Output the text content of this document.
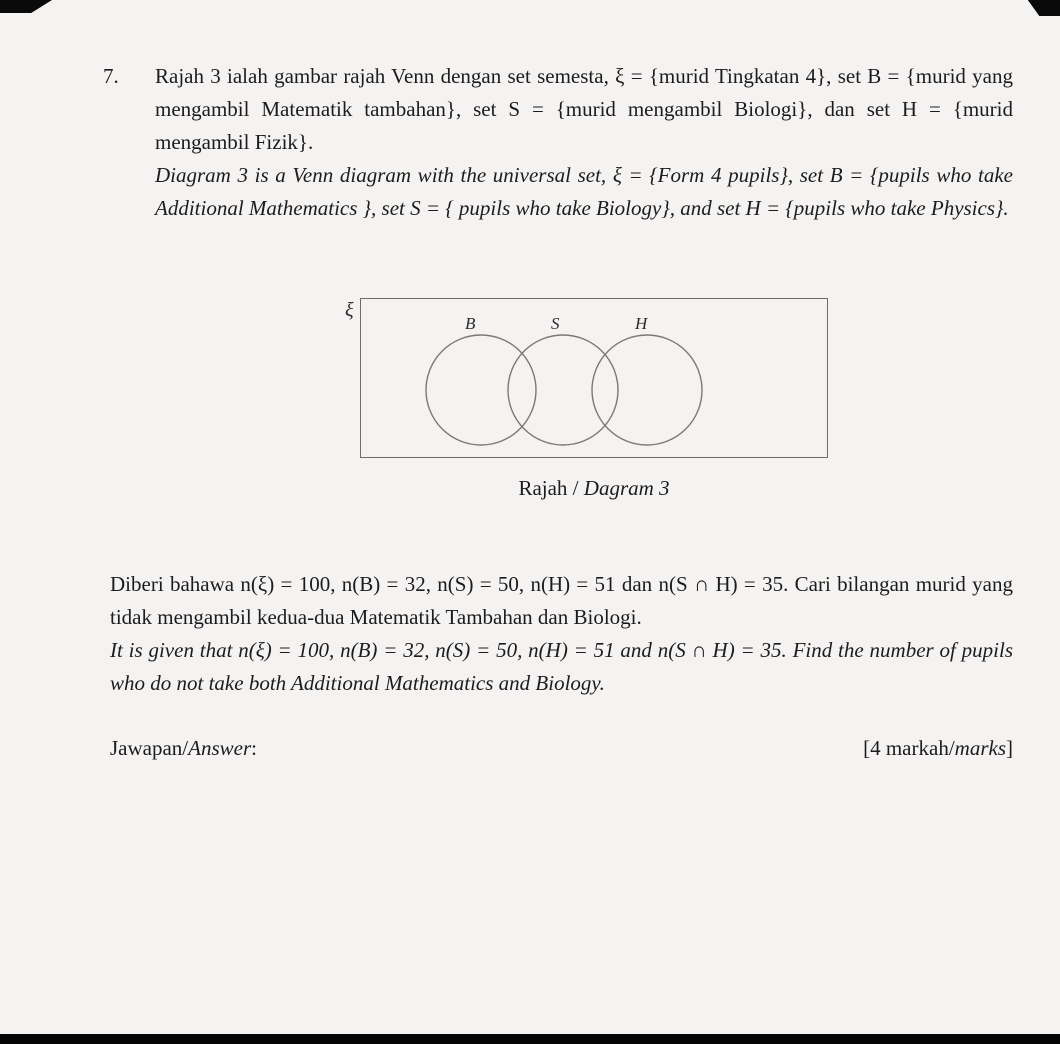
7. Rajah 3 ialah gambar rajah Venn dengan set semesta, ξ = {murid Tingkatan 4}, set B = {murid yang mengambil Matematik tambahan}, set S = {murid mengambil Biologi}, dan set H = {murid mengambil Fizik}.

Diagram 3 is a Venn diagram with the universal set, ξ = {Form 4 pupils}, set B = {pupils who take Additional Mathematics }, set S = { pupils who take Biology}, and set H = {pupils who take Physics}.

ξ
B	S	H
Rajah / Dagram 3

Diberi bahawa n(ξ) = 100, n(B) = 32, n(S) = 50, n(H) = 51 dan n(S ∩ H) = 35. Cari bilangan murid yang tidak mengambil kedua-dua Matematik Tambahan dan Biologi.

It is given that n(ξ) = 100, n(B) = 32, n(S) = 50, n(H) = 51 and n(S ∩ H) = 35. Find the number of pupils who do not take both Additional Mathematics and Biology.

Jawapan/Answer:	[4 markah/marks]
